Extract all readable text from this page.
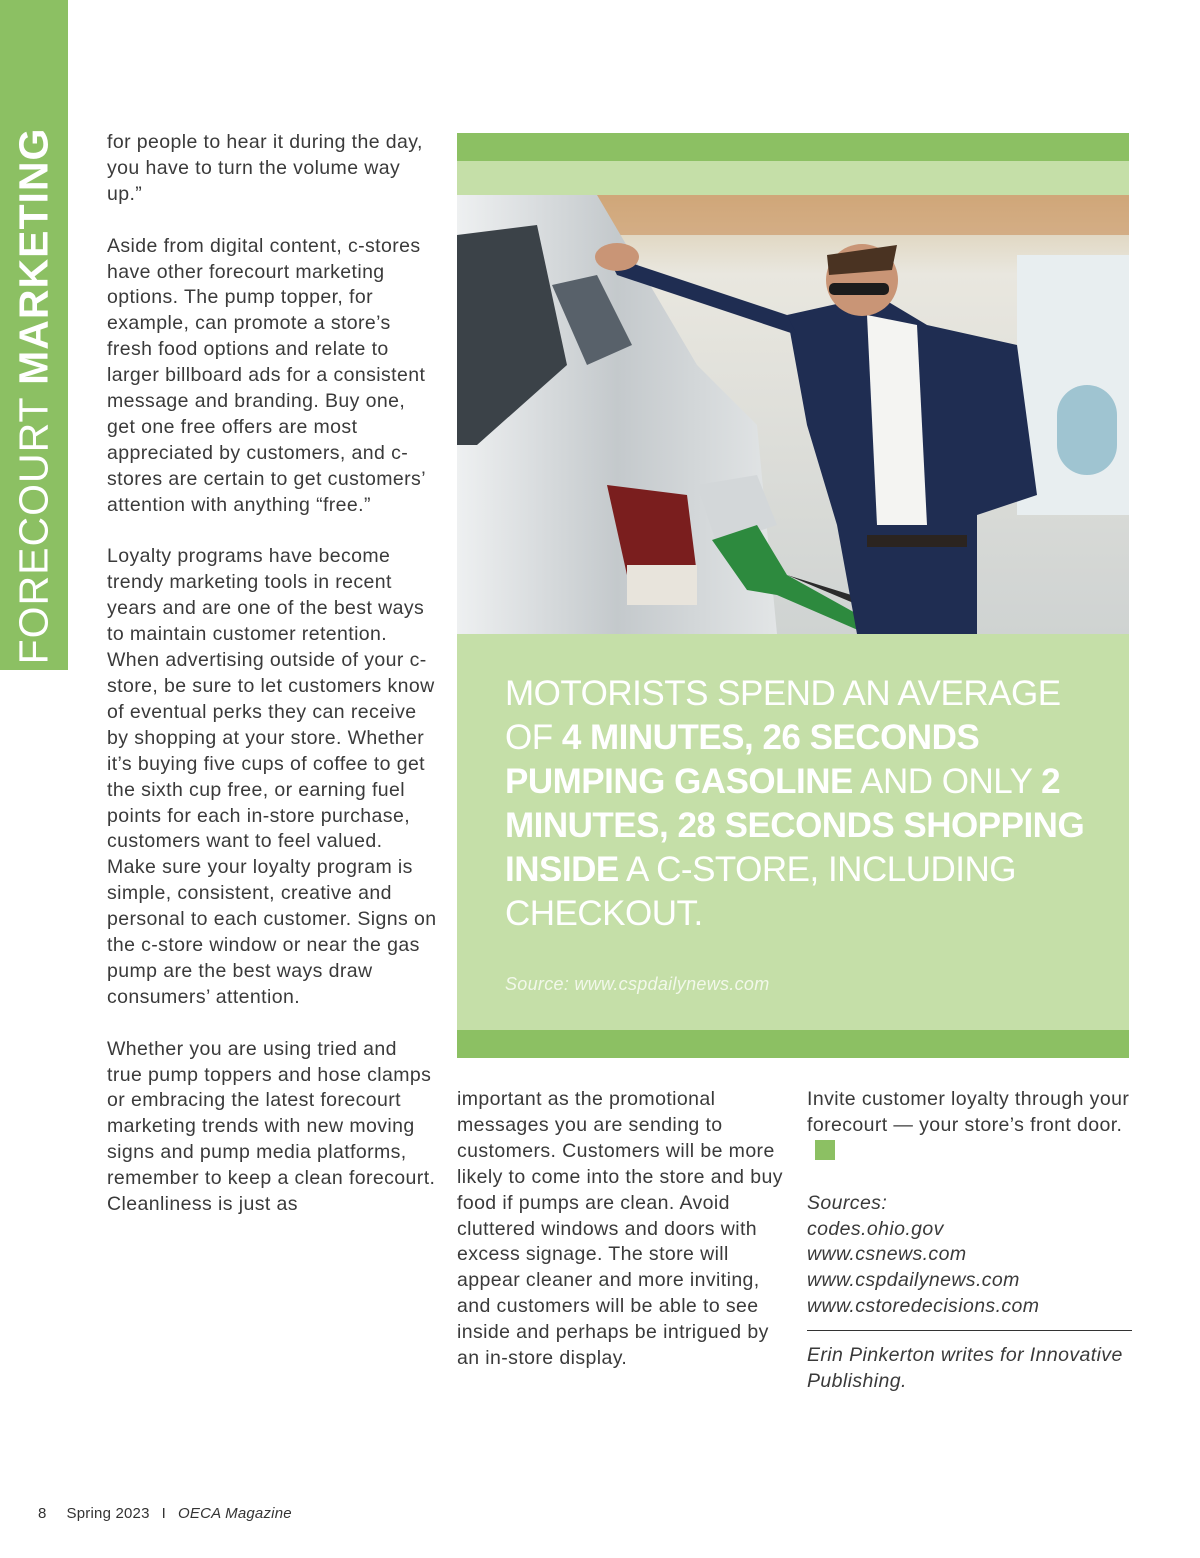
FORECOURT MARKETING	for people to hear it during the day, you have to turn the volume way up.”

Aside from digital content, c-stores have other forecourt marketing options. The pump topper, for example, can promote a store’s fresh food options and relate to larger billboard ads for a consistent message and branding. Buy one, get one free offers are most appreciated by customers, and c-stores are certain to get customers’ attention with anything “free.”

Loyalty programs have become trendy marketing tools in recent years and are one of the best ways to maintain customer retention. When advertising outside of your c-store, be sure to let customers know of eventual perks they can receive by shopping at your store. Whether it’s buying five cups of coffee to get the sixth cup free, or earning fuel points for each in-store purchase, customers want to feel valued. Make sure your loyalty program is simple, consistent, creative and personal to each customer. Signs on the c-store window or near the gas pump are the best ways draw consumers’ attention.

Whether you are using tried and true pump toppers and hose clamps or embracing the latest forecourt marketing trends with new moving signs and pump media platforms, remember to keep a clean forecourt. Cleanliness is just as

MOTORISTS SPEND AN AVERAGE OF 4 MINUTES, 26 SECONDS PUMPING GASOLINE AND ONLY 2 MINUTES, 28 SECONDS SHOPPING INSIDE A C-STORE, INCLUDING CHECKOUT.
Source: www.cspdailynews.com

important as the promotional messages you are sending to customers. Customers will be more likely to come into the store and buy food if pumps are clean. Avoid cluttered windows and doors with excess signage. The store will appear cleaner and more inviting, and customers will be able to see inside and perhaps be intrigued by an in-store display.

Invite customer loyalty through your forecourt — your store’s front door.

Sources:
codes.ohio.gov
www.csnews.com
www.cspdailynews.com
www.cstoredecisions.com
Erin Pinkerton writes for Innovative Publishing.
8 Spring 2023 I OECA Magazine
